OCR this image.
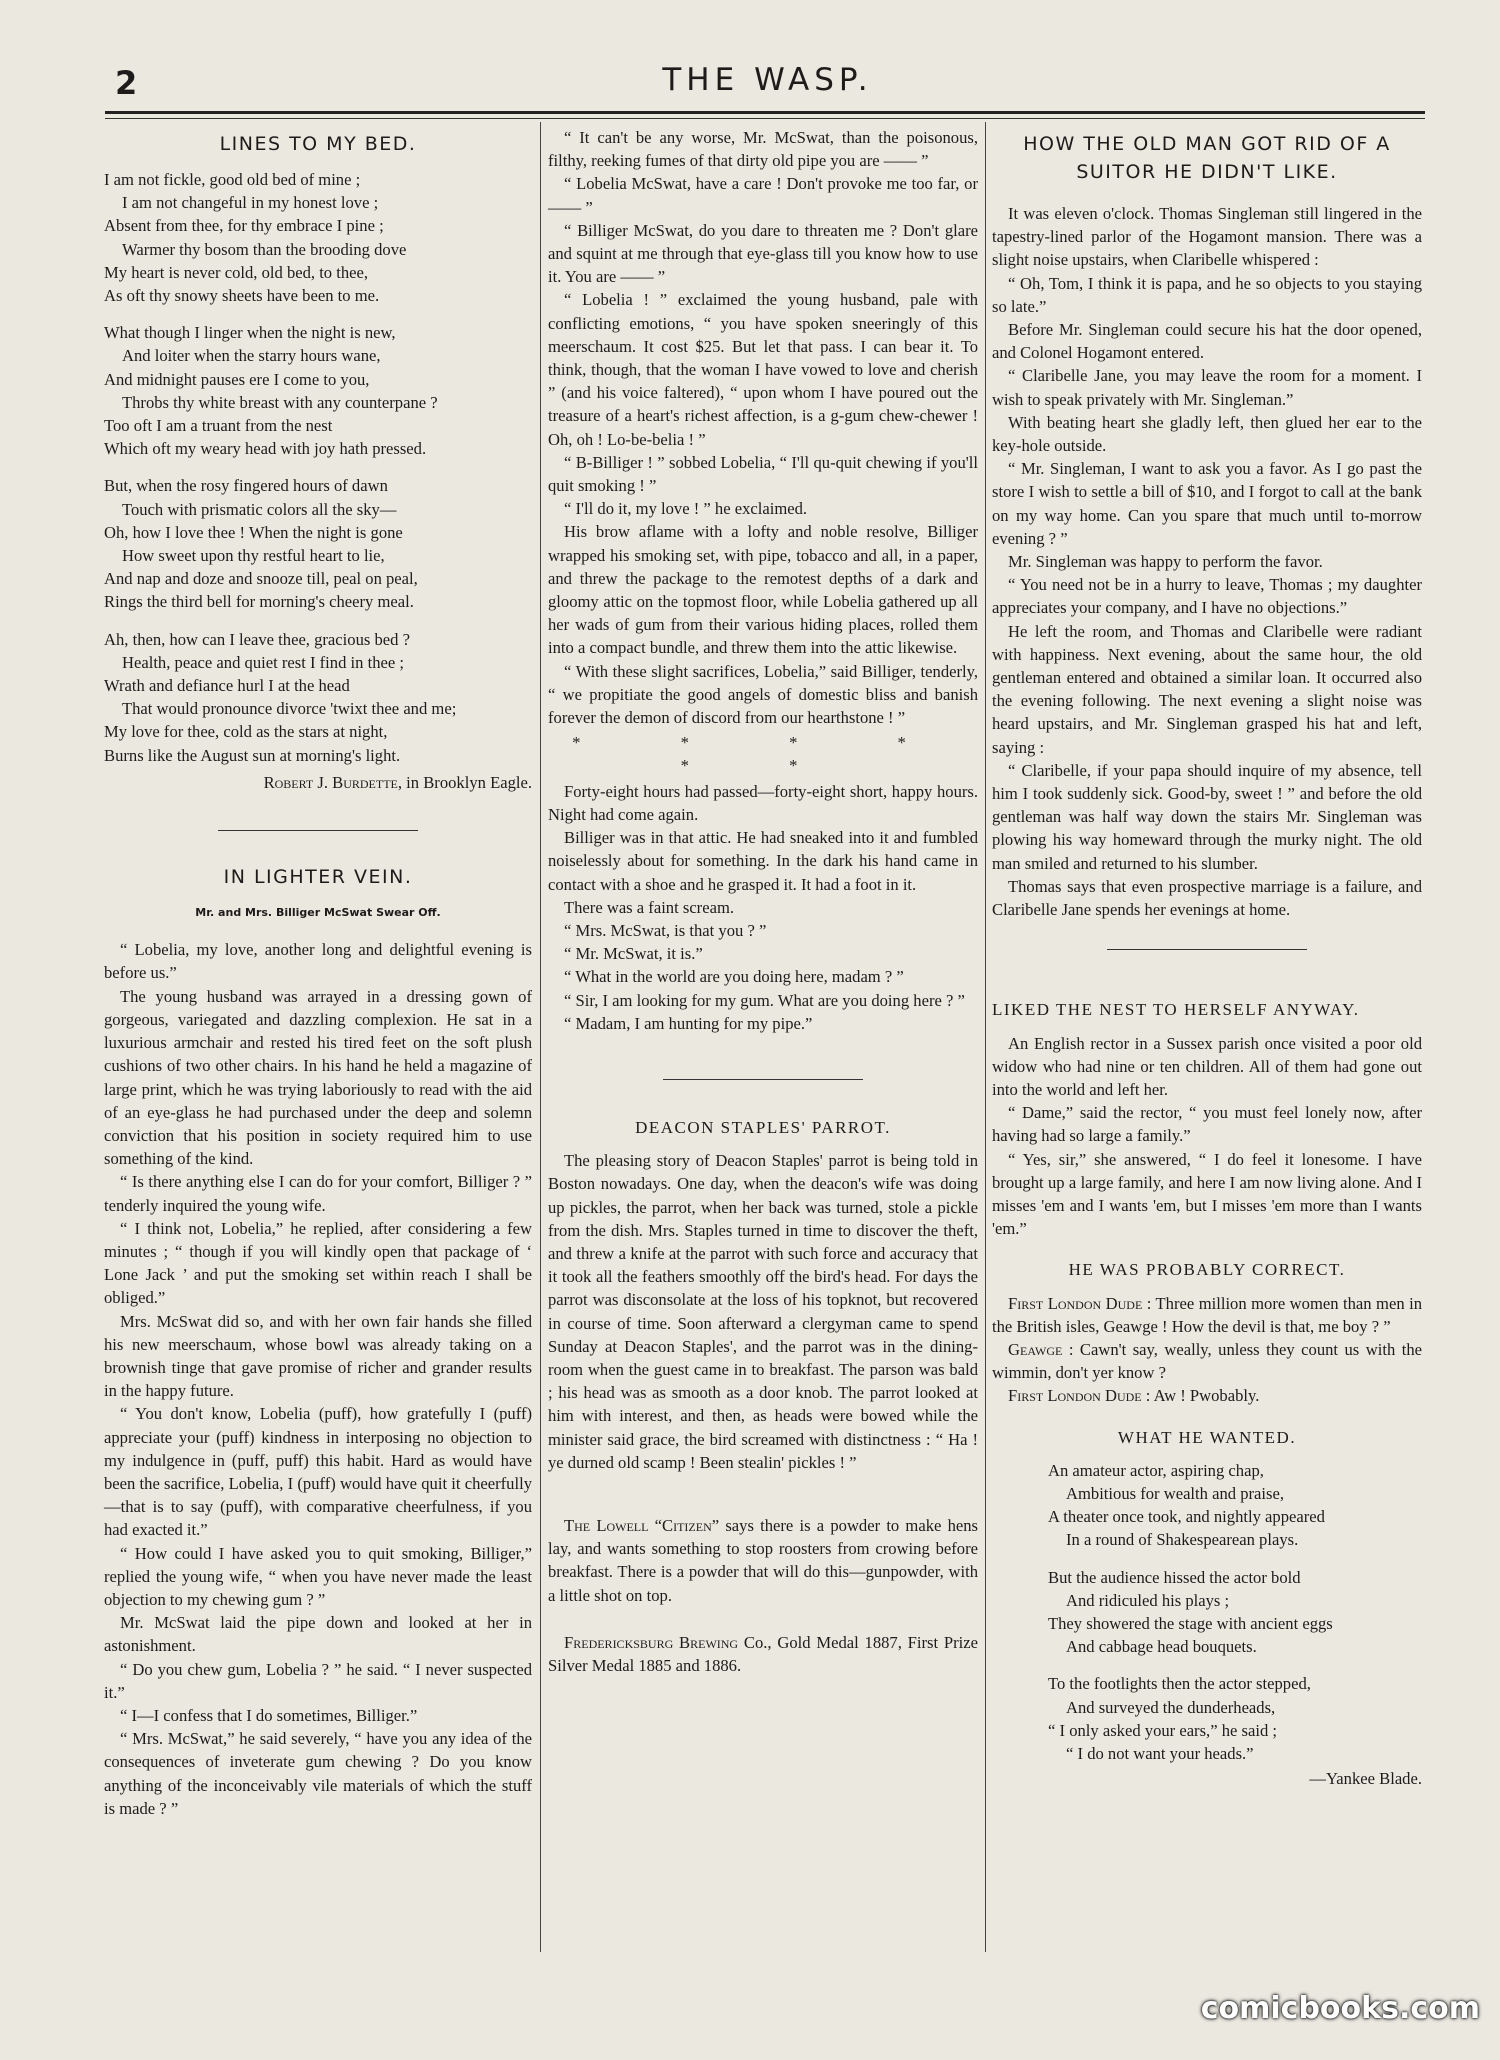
2	THE WASP.
LINES TO MY BED.
I am not fickle, good old bed of mine ;
I am not changeful in my honest love ;
Absent from thee, for thy embrace I pine ;
Warmer thy bosom than the brooding dove
My heart is never cold, old bed, to thee,
As oft thy snowy sheets have been to me.
What though I linger when the night is new,
And loiter when the starry hours wane,
And midnight pauses ere I come to you,
Throbs thy white breast with any counterpane ?
Too oft I am a truant from the nest
Which oft my weary head with joy hath pressed.
But, when the rosy fingered hours of dawn
Touch with prismatic colors all the sky—
Oh, how I love thee ! When the night is gone
How sweet upon thy restful heart to lie,
And nap and doze and snooze till, peal on peal,
Rings the third bell for morning's cheery meal.
Ah, then, how can I leave thee, gracious bed ?
Health, peace and quiet rest I find in thee ;
Wrath and defiance hurl I at the head
That would pronounce divorce 'twixt thee and me;
My love for thee, cold as the stars at night,
Burns like the August sun at morning's light.
Robert J. Burdette, in Brooklyn Eagle.
IN LIGHTER VEIN.
Mr. and Mrs. Billiger McSwat Swear Off.

“ Lobelia, my love, another long and delightful evening is before us.”

The young husband was arrayed in a dressing gown of gorgeous, variegated and dazzling complexion. He sat in a luxurious armchair and rested his tired feet on the soft plush cushions of two other chairs. In his hand he held a magazine of large print, which he was trying laboriously to read with the aid of an eye-glass he had purchased under the deep and solemn conviction that his position in society required him to use something of the kind.

“ Is there anything else I can do for your comfort, Billiger ? ” tenderly inquired the young wife.

“ I think not, Lobelia,” he replied, after considering a few minutes ; “ though if you will kindly open that package of ‘ Lone Jack ’ and put the smoking set within reach I shall be obliged.”

Mrs. McSwat did so, and with her own fair hands she filled his new meerschaum, whose bowl was already taking on a brownish tinge that gave promise of richer and grander results in the happy future.

“ You don't know, Lobelia (puff), how gratefully I (puff) appreciate your (puff) kindness in interposing no objection to my indulgence in (puff, puff) this habit. Hard as would have been the sacrifice, Lobelia, I (puff) would have quit it cheerfully—that is to say (puff), with comparative cheerfulness, if you had exacted it.”

“ How could I have asked you to quit smoking, Billiger,” replied the young wife, “ when you have never made the least objection to my chewing gum ? ”

Mr. McSwat laid the pipe down and looked at her in astonishment.

“ Do you chew gum, Lobelia ? ” he said. “ I never suspected it.”

“ I—I confess that I do sometimes, Billiger.”

“ Mrs. McSwat,” he said severely, “ have you any idea of the consequences of inveterate gum chewing ? Do you know anything of the inconceivably vile materials of which the stuff is made ? ”

“ It can't be any worse, Mr. McSwat, than the poisonous, filthy, reeking fumes of that dirty old pipe you are —— ”

“ Lobelia McSwat, have a care ! Don't provoke me too far, or —— ”

“ Billiger McSwat, do you dare to threaten me ? Don't glare and squint at me through that eye-glass till you know how to use it. You are —— ”

“ Lobelia ! ” exclaimed the young husband, pale with conflicting emotions, “ you have spoken sneeringly of this meerschaum. It cost $25. But let that pass. I can bear it. To think, though, that the woman I have vowed to love and cherish ” (and his voice faltered), “ upon whom I have poured out the treasure of a heart's richest affection, is a g-gum chew-chewer ! Oh, oh ! Lo-be-belia ! ”

“ B-Billiger ! ” sobbed Lobelia, “ I'll qu-quit chewing if you'll quit smoking ! ”

“ I'll do it, my love ! ” he exclaimed.

His brow aflame with a lofty and noble resolve, Billiger wrapped his smoking set, with pipe, tobacco and all, in a paper, and threw the package to the remotest depths of a dark and gloomy attic on the topmost floor, while Lobelia gathered up all her wads of gum from their various hiding places, rolled them into a compact bundle, and threw them into the attic likewise.

“ With these slight sacrifices, Lobelia,” said Billiger, tenderly, “ we propitiate the good angels of domestic bliss and banish forever the demon of discord from our hearthstone ! ”

* * * * * *

Forty-eight hours had passed—forty-eight short, happy hours. Night had come again.

Billiger was in that attic. He had sneaked into it and fumbled noiselessly about for something. In the dark his hand came in contact with a shoe and he grasped it. It had a foot in it.

There was a faint scream.

“ Mrs. McSwat, is that you ? ”

“ Mr. McSwat, it is.”

“ What in the world are you doing here, madam ? ”

“ Sir, I am looking for my gum. What are you doing here ? ”

“ Madam, I am hunting for my pipe.”

DEACON STAPLES' PARROT.

The pleasing story of Deacon Staples' parrot is being told in Boston nowadays. One day, when the deacon's wife was doing up pickles, the parrot, when her back was turned, stole a pickle from the dish. Mrs. Staples turned in time to discover the theft, and threw a knife at the parrot with such force and accuracy that it took all the feathers smoothly off the bird's head. For days the parrot was disconsolate at the loss of his topknot, but recovered in course of time. Soon afterward a clergyman came to spend Sunday at Deacon Staples', and the parrot was in the dining-room when the guest came in to breakfast. The parson was bald ; his head was as smooth as a door knob. The parrot looked at him with interest, and then, as heads were bowed while the minister said grace, the bird screamed with distinctness : “ Ha ! ye durned old scamp ! Been stealin' pickles ! ”

The Lowell “Citizen” says there is a powder to make hens lay, and wants something to stop roosters from crowing before breakfast. There is a powder that will do this—gunpowder, with a little shot on top.

Fredericksburg Brewing Co., Gold Medal 1887, First Prize Silver Medal 1885 and 1886.

HOW THE OLD MAN GOT RID OF A SUITOR HE DIDN'T LIKE.

It was eleven o'clock. Thomas Singleman still lingered in the tapestry-lined parlor of the Hogamont mansion. There was a slight noise upstairs, when Claribelle whispered :

“ Oh, Tom, I think it is papa, and he so objects to you staying so late.”

Before Mr. Singleman could secure his hat the door opened, and Colonel Hogamont entered.

“ Claribelle Jane, you may leave the room for a moment. I wish to speak privately with Mr. Singleman.”

With beating heart she gladly left, then glued her ear to the key-hole outside.

“ Mr. Singleman, I want to ask you a favor. As I go past the store I wish to settle a bill of $10, and I forgot to call at the bank on my way home. Can you spare that much until to-morrow evening ? ”

Mr. Singleman was happy to perform the favor.

“ You need not be in a hurry to leave, Thomas ; my daughter appreciates your company, and I have no objections.”

He left the room, and Thomas and Claribelle were radiant with happiness. Next evening, about the same hour, the old gentleman entered and obtained a similar loan. It occurred also the evening following. The next evening a slight noise was heard upstairs, and Mr. Singleman grasped his hat and left, saying :

“ Claribelle, if your papa should inquire of my absence, tell him I took suddenly sick. Good-by, sweet ! ” and before the old gentleman was half way down the stairs Mr. Singleman was plowing his way homeward through the murky night. The old man smiled and returned to his slumber.

Thomas says that even prospective marriage is a failure, and Claribelle Jane spends her evenings at home.

LIKED THE NEST TO HERSELF ANYWAY.

An English rector in a Sussex parish once visited a poor old widow who had nine or ten children. All of them had gone out into the world and left her.

“ Dame,” said the rector, “ you must feel lonely now, after having had so large a family.”

“ Yes, sir,” she answered, “ I do feel it lonesome. I have brought up a large family, and here I am now living alone. And I misses 'em and I wants 'em, but I misses 'em more than I wants 'em.”

HE WAS PROBABLY CORRECT.

First London Dude : Three million more women than men in the British isles, Geawge ! How the devil is that, me boy ? ”

Geawge : Cawn't say, weally, unless they count us with the wimmin, don't yer know ?

First London Dude : Aw ! Pwobably.

WHAT HE WANTED.
An amateur actor, aspiring chap,
Ambitious for wealth and praise,
A theater once took, and nightly appeared
In a round of Shakespearean plays.
But the audience hissed the actor bold
And ridiculed his plays ;
They showered the stage with ancient eggs
And cabbage head bouquets.
To the footlights then the actor stepped,
And surveyed the dunderheads,
“ I only asked your ears,” he said ;
“ I do not want your heads.”
—Yankee Blade.
comicbooks.com
